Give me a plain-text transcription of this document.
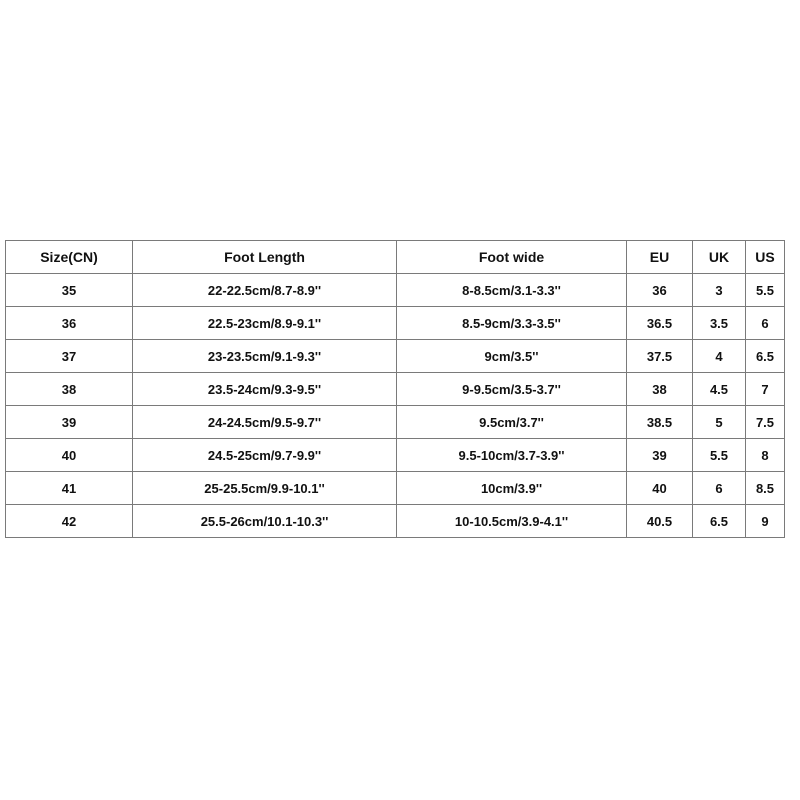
Size(CN)	Foot Length	Foot wide	EU	UK	US
35	22-22.5cm/8.7-8.9''	8-8.5cm/3.1-3.3''	36	3	5.5
36	22.5-23cm/8.9-9.1''	8.5-9cm/3.3-3.5''	36.5	3.5	6
37	23-23.5cm/9.1-9.3''	9cm/3.5''	37.5	4	6.5
38	23.5-24cm/9.3-9.5''	9-9.5cm/3.5-3.7''	38	4.5	7
39	24-24.5cm/9.5-9.7''	9.5cm/3.7''	38.5	5	7.5
40	24.5-25cm/9.7-9.9''	9.5-10cm/3.7-3.9''	39	5.5	8
41	25-25.5cm/9.9-10.1''	10cm/3.9''	40	6	8.5
42	25.5-26cm/10.1-10.3''	10-10.5cm/3.9-4.1''	40.5	6.5	9
